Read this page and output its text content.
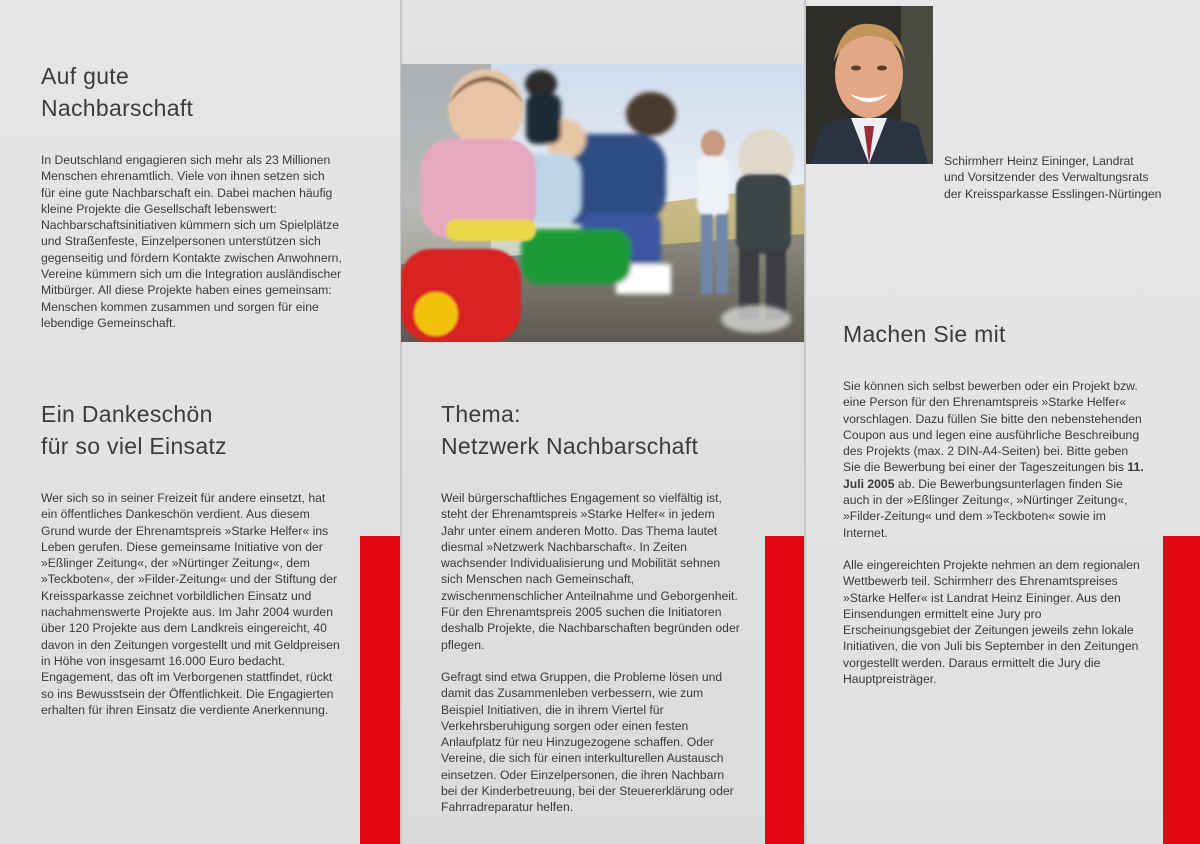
Auf gute
Nachbarschaft

In Deutschland engagieren sich mehr als 23 Millionen Menschen ehrenamtlich. Viele von ihnen setzen sich für eine gute Nachbarschaft ein. Dabei machen häufig kleine Projekte die Gesellschaft lebenswert: Nachbarschaftsinitiativen kümmern sich um Spielplätze und Straßenfeste, Einzelpersonen unterstützen sich gegenseitig und fördern Kontakte zwischen Anwohnern, Vereine kümmern sich um die Integration ausländischer Mitbürger. All diese Projekte haben eines gemeinsam: Menschen kommen zusammen und sorgen für eine lebendige Gemeinschaft.

Ein Dankeschön
für so viel Einsatz

Wer sich so in seiner Freizeit für andere einsetzt, hat ein öffentliches Dankeschön verdient. Aus diesem Grund wurde der Ehrenamtspreis »Starke Helfer« ins Leben gerufen. Diese gemeinsame Initiative von der »Eßlinger Zeitung«, der »Nürtinger Zeitung«, dem »Teckboten«, der »Filder-Zeitung« und der Stiftung der Kreissparkasse zeichnet vorbildlichen Einsatz und nachahmenswerte Projekte aus. Im Jahr 2004 wurden über 120 Projekte aus dem Landkreis eingereicht, 40 davon in den Zeitungen vorgestellt und mit Geldpreisen in Höhe von insgesamt 16.000 Euro bedacht. Engagement, das oft im Verborgenen stattfindet, rückt so ins Bewusstsein der Öffentlichkeit. Die Engagierten erhalten für ihren Einsatz die verdiente Anerkennung.

Thema:
Netzwerk Nachbarschaft

Weil bürgerschaftliches Engagement so vielfältig ist, steht der Ehrenamtspreis »Starke Helfer« in jedem Jahr unter einem anderen Motto. Das Thema lautet diesmal »Netzwerk Nachbarschaft«. In Zeiten wachsender Individualisierung und Mobilität sehnen sich Menschen nach Gemeinschaft, zwischenmenschlicher Anteilnahme und Geborgenheit. Für den Ehrenamtspreis 2005 suchen die Initiatoren deshalb Projekte, die Nachbarschaften begründen oder pflegen.

Gefragt sind etwa Gruppen, die Probleme lösen und damit das Zusammenleben verbessern, wie zum Beispiel Initiativen, die in ihrem Viertel für Verkehrsberuhigung sorgen oder einen festen Anlaufplatz für neu Hinzugezogene schaffen. Oder Vereine, die sich für einen interkulturellen Austausch einsetzen. Oder Einzelpersonen, die ihren Nachbarn bei der Kinderbetreuung, bei der Steuererklärung oder Fahrradreparatur helfen.

Schirmherr Heinz Eininger, Landrat
und Vorsitzender des Verwaltungsrats
der Kreissparkasse Esslingen-Nürtingen
Machen Sie mit

Sie können sich selbst bewerben oder ein Projekt bzw. eine Person für den Ehrenamtspreis »Starke Helfer« vorschlagen. Dazu füllen Sie bitte den nebenstehenden Coupon aus und legen eine ausführliche Beschreibung des Projekts (max. 2 DIN-A4-Seiten) bei. Bitte geben Sie die Bewerbung bei einer der Tageszeitungen bis 11. Juli 2005 ab. Die Bewerbungsunterlagen finden Sie auch in der »Eßlinger Zeitung«, »Nürtinger Zeitung«, »Filder-Zeitung« und dem »Teckboten« sowie im Internet.

Alle eingereichten Projekte nehmen an dem regionalen Wettbewerb teil. Schirmherr des Ehrenamtspreises »Starke Helfer« ist Landrat Heinz Eininger. Aus den Einsendungen ermittelt eine Jury pro Erscheinungsgebiet der Zeitungen jeweils zehn lokale Initiativen, die von Juli bis September in den Zeitungen vorgestellt werden. Daraus ermittelt die Jury die Hauptpreisträger.
